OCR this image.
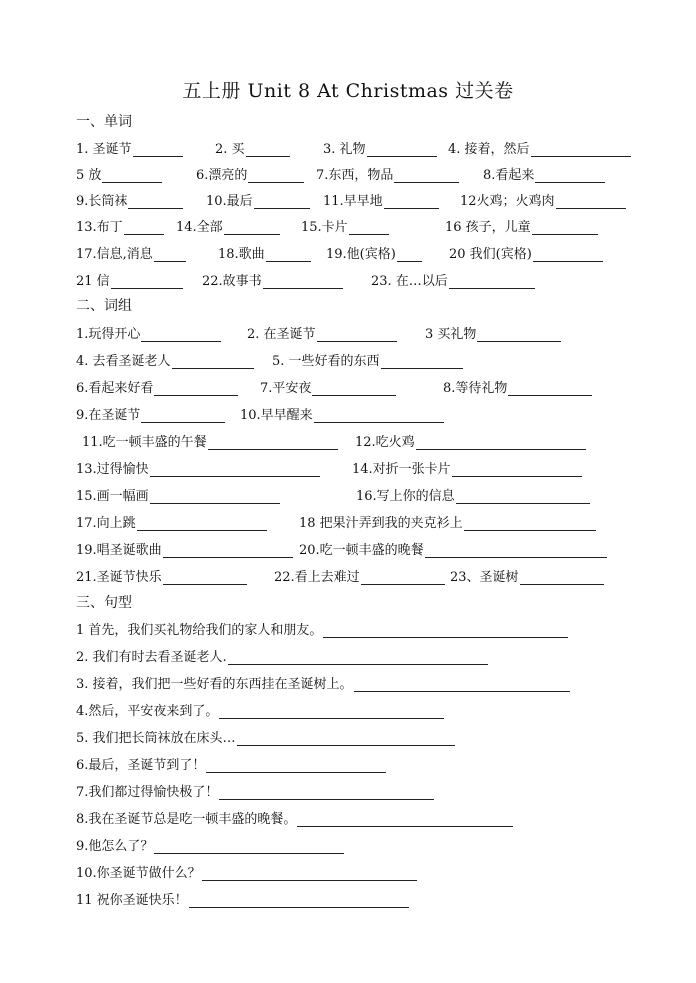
五上册 Unit 8 At Christmas 过关卷
一、单词
二、词组
三、句型
1. 圣诞节	2. 买	3. 礼物	4. 接着，然后
5 放	6.漂亮的	7.东西，物品	8.看起来
9.长筒袜	10.最后	11.早早地	12火鸡；火鸡肉
13.布丁	14.全部	15.卡片	16 孩子，儿童
17.信息,消息	18.歌曲	19.他(宾格)	20 我们(宾格)
21 信	22.故事书	23. 在…以后
1.玩得开心	2. 在圣诞节	3 买礼物
4. 去看圣诞老人	5. 一些好看的东西
6.看起来好看	7.平安夜	8.等待礼物
9.在圣诞节	10.早早醒来
11.吃一顿丰盛的午餐	12.吃火鸡
13.过得愉快	14.对折一张卡片
15.画一幅画	16.写上你的信息
17.向上跳	18 把果汁弄到我的夹克衫上
19.唱圣诞歌曲	20.吃一顿丰盛的晚餐
21.圣诞节快乐	22.看上去难过	23、圣诞树
1 首先，我们买礼物给我们的家人和朋友。
2. 我们有时去看圣诞老人.
3. 接着，我们把一些好看的东西挂在圣诞树上。
4.然后，平安夜来到了。
5. 我们把长筒袜放在床头…
6.最后，圣诞节到了！
7.我们都过得愉快极了！
8.我在圣诞节总是吃一顿丰盛的晚餐。
9.他怎么了？
10.你圣诞节做什么？
11 祝你圣诞快乐！
